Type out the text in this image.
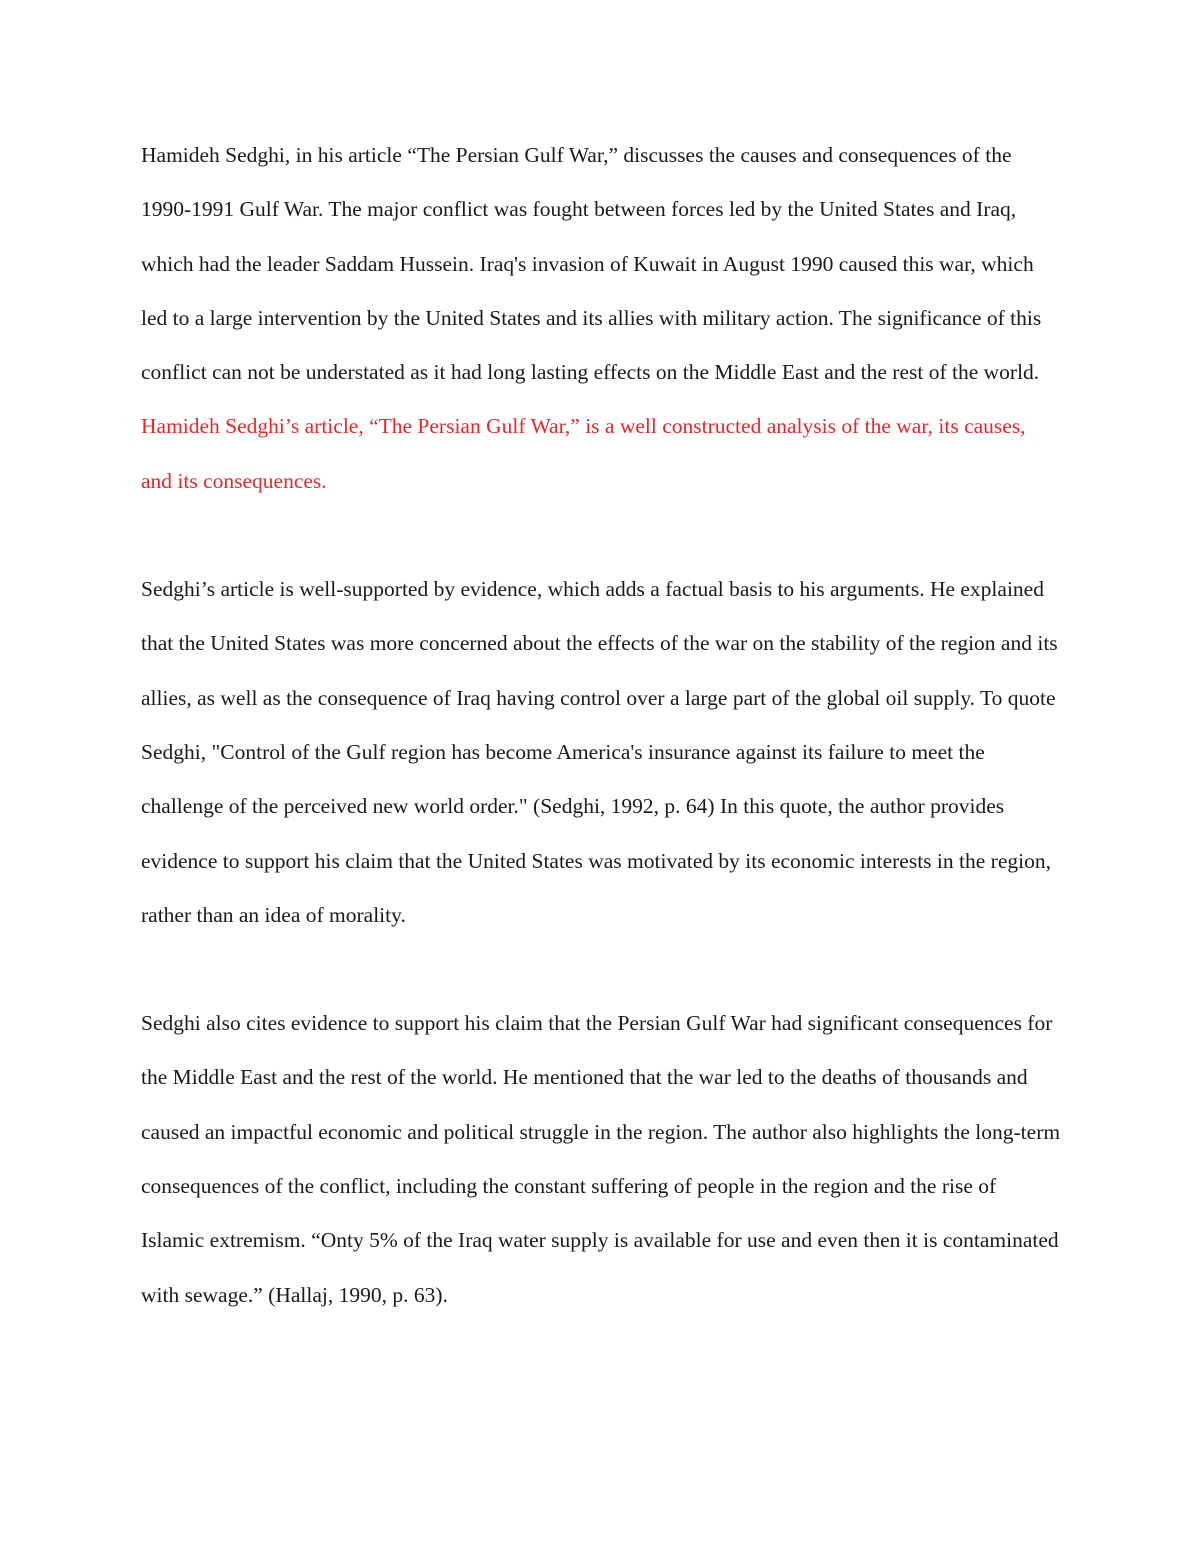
Hamideh Sedghi, in his article “The Persian Gulf War,” discusses the causes and consequences of the 1990-1991 Gulf War. The major conflict was fought between forces led by the United States and Iraq, which had the leader Saddam Hussein. Iraq's invasion of Kuwait in August 1990 caused this war, which led to a large intervention by the United States and its allies with military action. The significance of this conflict can not be understated as it had long lasting effects on the Middle East and the rest of the world. Hamideh Sedghi’s article, “The Persian Gulf War,” is a well constructed analysis of the war, its causes, and its consequences.

Sedghi’s article is well-supported by evidence, which adds a factual basis to his arguments. He explained that the United States was more concerned about the effects of the war on the stability of the region and its allies, as well as the consequence of Iraq having control over a large part of the global oil supply. To quote Sedghi, "Control of the Gulf region has become America's insurance against its failure to meet the challenge of the perceived new world order." (Sedghi, 1992, p. 64) In this quote, the author provides evidence to support his claim that the United States was motivated by its economic interests in the region, rather than an idea of morality.

Sedghi also cites evidence to support his claim that the Persian Gulf War had significant consequences for the Middle East and the rest of the world. He mentioned that the war led to the deaths of thousands and caused an impactful economic and political struggle in the region. The author also highlights the long-term consequences of the conflict, including the constant suffering of people in the region and the rise of Islamic extremism. “Onty 5% of the Iraq water supply is available for use and even then it is contaminated with sewage.” (Hallaj, 1990, p. 63).
